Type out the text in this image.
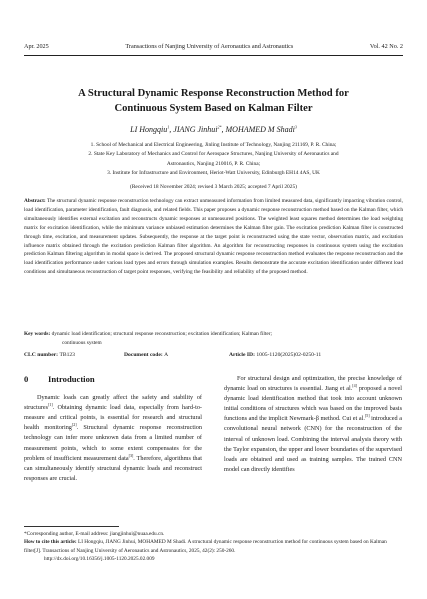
Apr. 2025	Transactions of Nanjing University of Aeronautics and Astronautics	Vol. 42 No. 2
A Structural Dynamic Response Reconstruction Method for
Continuous System Based on Kalman Filter
LI Hongqiu$^1$, JIANG Jinhui$^{2*}$, MOHAMED M Shadi$^3$
1. School of Mechanical and Electrical Engineering, Jinling Institute of Technology, Nanjing 211169, P. R. China;
2. State Key Laboratory of Mechanics and Control for Aerospace Structures, Nanjing University of Aeronautics and
Astronautics, Nanjing 210016, P. R. China;
3. Institute for Infrastructure and Environment, Heriot-Watt University, Edinburgh EH14 4AS, UK
(Received 18 November 2024; revised 3 March 2025; accepted 7 April 2025)
Abstract: The structural dynamic response reconstruction technology can extract unmeasured information from limited measured data, significantly impacting vibration control, load identification, parameter identification, fault diagnosis, and related fields. This paper proposes a dynamic response reconstruction method based on the Kalman filter, which simultaneously identifies external excitation and reconstructs dynamic responses at unmeasured positions. The weighted least squares method determines the load weighting matrix for excitation identification, while the minimum variance unbiased estimation determines the Kalman filter gain. The excitation prediction Kalman filter is constructed through time, excitation, and measurement updates. Subsequently, the response at the target point is reconstructed using the state vector, observation matrix, and excitation influence matrix obtained through the excitation prediction Kalman filter algorithm. An algorithm for reconstructing responses in continuous system using the excitation prediction Kalman filtering algorithm in modal space is derived. The proposed structural dynamic response reconstruction method evaluates the response reconstruction and the load identification performance under various load types and errors through simulation examples. Results demonstrate the accurate excitation identification under different load conditions and simultaneous reconstruction of target point responses, verifying the feasibility and reliability of the proposed method.
Key words: dynamic load identification; structural response reconstruction; excitation identification; Kalman filter;
continuous system
CLC number: TB123	Document code: A	Article ID: 1005-1120(2025)02-0250-11
0 Introduction

Dynamic loads can greatly affect the safety and stability of structures[1]. Obtaining dynamic load data, especially from hard-to-measure and critical points, is essential for research and structural health monitoring[2]. Structural dynamic response reconstruction technology can infer more unknown data from a limited number of measurement points, which to some extent compensates for the problem of insufficient measurement data[3]. Therefore, algorithms that can simultaneously identify structural dynamic loads and reconstruct responses are crucial.

For structural design and optimization, the precise knowledge of dynamic load on structures is essential. Jiang et al.[4] proposed a novel dynamic load identification method that took into account unknown initial conditions of structures which was based on the improved basis functions and the implicit Newmark-β method. Cui et al.[5] introduced a convolutional neural network (CNN) for the reconstruction of the interval of unknown load. Combining the interval analysis theory with the Taylor expansion, the upper and lower boundaries of the supervised loads are obtained and used as training samples. The trained CNN model can directly identifies

*Corresponding author, E-mail address: jiangjinhui@nuaa.edu.cn.
How to cite this article: LI Hongqiu, JIANG Jinhui, MOHAMED M Shadi. A structural dynamic response reconstruction method for continuous system based on Kalman filter[J]. Transactions of Nanjing University of Aeronautics and Astronautics, 2025, 42(2): 250-260.
http://dx.doi.org/10.16356/j.1005-1120.2025.02.009
